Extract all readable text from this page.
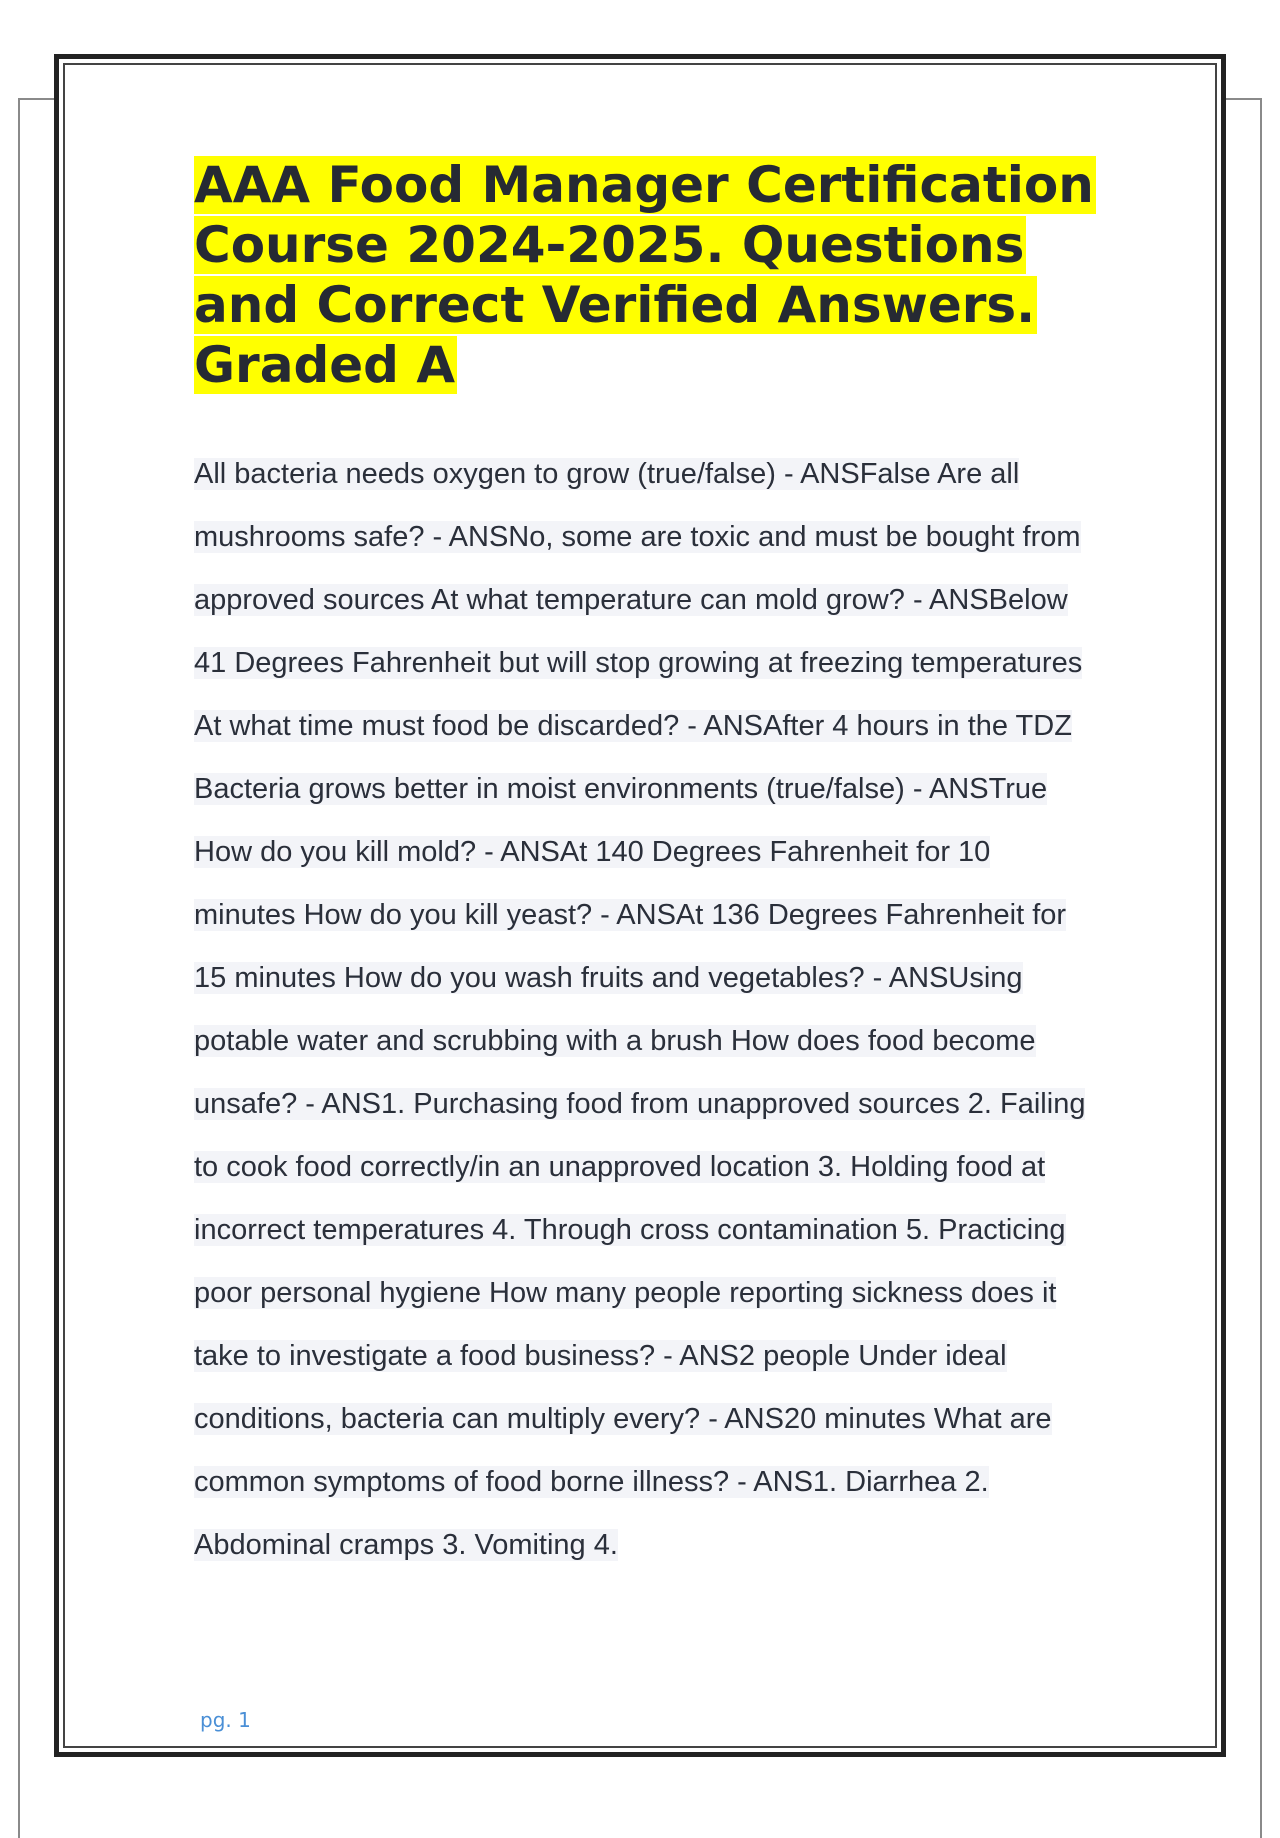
AAA Food Manager Certification Course 2024-2025. Questions and Correct Verified Answers. Graded A

All bacteria needs oxygen to grow (true/false) - ANSFalse Are all mushrooms safe? - ANSNo, some are toxic and must be bought from approved sources At what temperature can mold grow? - ANSBelow 41 Degrees Fahrenheit but will stop growing at freezing temperatures At what time must food be discarded? - ANSAfter 4 hours in the TDZ Bacteria grows better in moist environments (true/false) - ANSTrue How do you kill mold? - ANSAt 140 Degrees Fahrenheit for 10 minutes How do you kill yeast? - ANSAt 136 Degrees Fahrenheit for 15 minutes How do you wash fruits and vegetables? - ANSUsing potable water and scrubbing with a brush How does food become unsafe? - ANS1. Purchasing food from unapproved sources 2. Failing to cook food correctly/in an unapproved location 3. Holding food at incorrect temperatures 4. Through cross contamination 5. Practicing poor personal hygiene How many people reporting sickness does it take to investigate a food business? - ANS2 people Under ideal conditions, bacteria can multiply every? - ANS20 minutes What are common symptoms of food borne illness? - ANS1. Diarrhea 2. Abdominal cramps 3. Vomiting 4.

pg. 1
